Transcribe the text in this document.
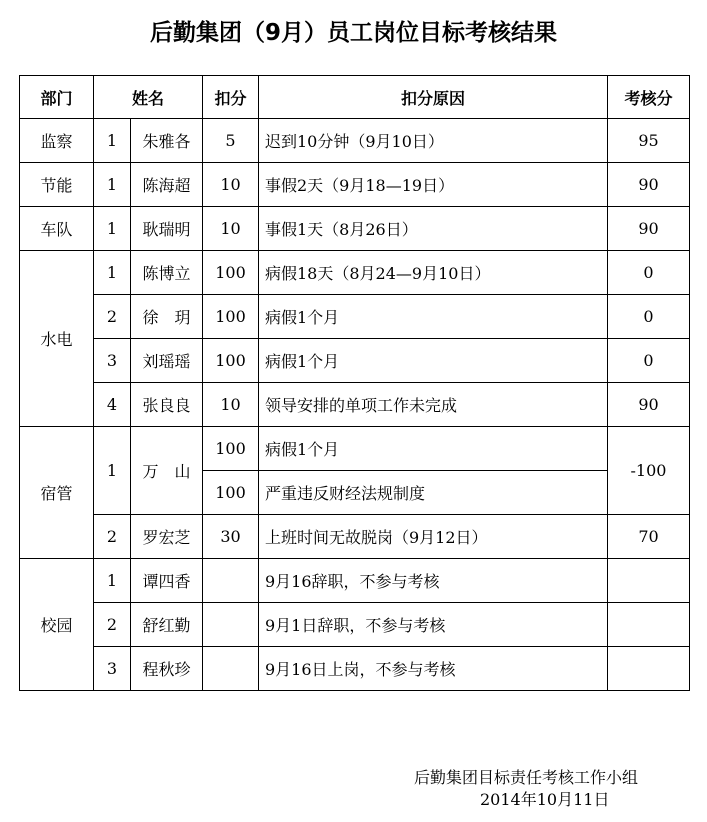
后勤集团（9月）员工岗位目标考核结果
部门	姓名		扣分	扣分原因	考核分
监察	1	朱雅各	5	迟到10分钟（9月10日）	95
节能	1	陈海超	10	事假2天（9月18—19日）	90
车队	1	耿瑞明	10	事假1天（8月26日）	90
水电	1	陈博立	100	病假18天（8月24—9月10日）	0
	2	徐　玥	100	病假1个月	0
	3	刘瑶瑶	100	病假1个月	0
	4	张良良	10	领导安排的单项工作未完成	90
宿管	1	万　山	100	病假1个月	-100
			100	严重违反财经法规制度	
	2	罗宏芝	30	上班时间无故脱岗（9月12日）	70
校园	1	谭四香		9月16辞职，不参与考核	
	2	舒红勤		9月1日辞职，不参与考核	
	3	程秋珍		9月16日上岗，不参与考核	
后勤集团目标责任考核工作小组
2014年10月11日
